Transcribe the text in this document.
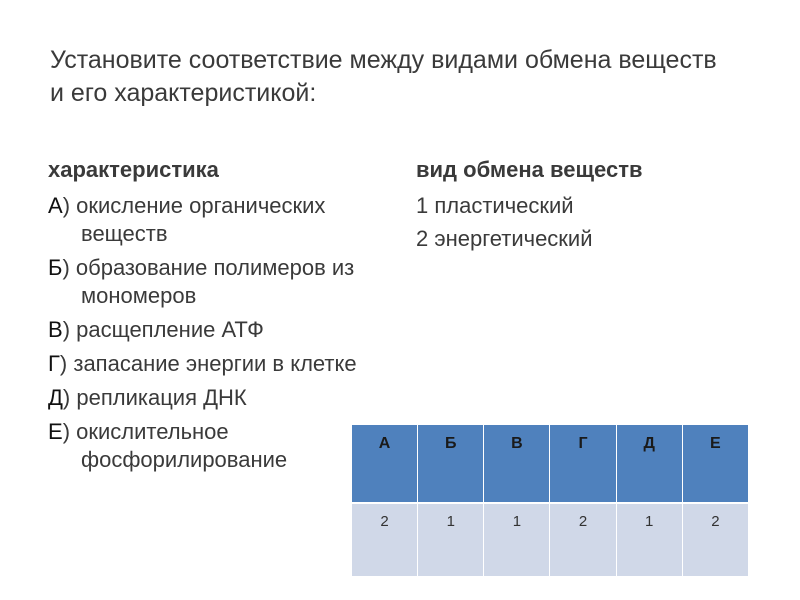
Установите соответствие между видами обмена веществ
и его характеристикой:
характеристика
А) окисление органических веществ
Б) образование полимеров из мономеров
В) расщепление АТФ
Г) запасание энергии в клетке
Д) репликация ДНК
Е) окислительное фосфорилирование
вид обмена веществ
1 пластический
2 энергетический
А	Б	В	Г	Д	Е
2	1	1	2	1	2
